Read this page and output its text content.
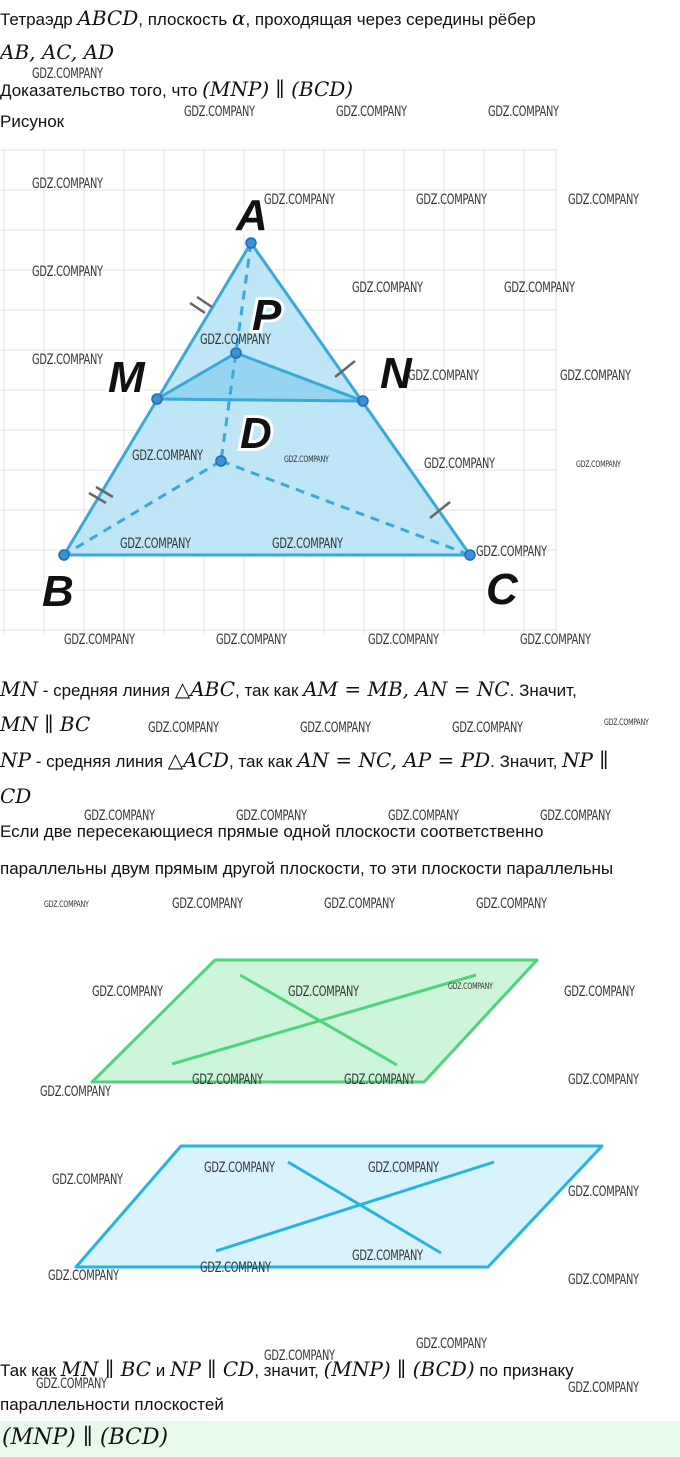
Тетраэдр ABCD, плоскость α, проходящая через середины рёбер
AB, AC, AD
Доказательство того, что (MNP) ∥ (BCD)
Рисунок
A
B	C
D
M	N
P
MN - средняя линия △ABC, так как AM = MB, AN = NC. Значит,
MN ∥ BC
NP - средняя линия △ACD, так как AN = NC, AP = PD. Значит, NP ∥
CD
Если две пересекающиеся прямые одной плоскости соответственно
параллельны двум прямым другой плоскости, то эти плоскости параллельны
Так как MN ∥ BC и NP ∥ CD, значит, (MNP) ∥ (BCD) по признаку
параллельности плоскостей
(MNP) ∥ (BCD)
GDZ.COMPANY
GDZ.COMPANY	GDZ.COMPANY	GDZ.COMPANY
GDZ.COMPANY
GDZ.COMPANY	GDZ.COMPANY	GDZ.COMPANY
GDZ.COMPANY
GDZ.COMPANY	GDZ.COMPANY
GDZ.COMPANY
GDZ.COMPANY
GDZ.COMPANY	GDZ.COMPANY
GDZ.COMPANY	GDZ.COMPANY	GDZ.COMPANY	GDZ.COMPANY
GDZ.COMPANY	GDZ.COMPANY	GDZ.COMPANY
GDZ.COMPANY	GDZ.COMPANY	GDZ.COMPANY	GDZ.COMPANY
GDZ.COMPANY	GDZ.COMPANY	GDZ.COMPANY	GDZ.COMPANY
GDZ.COMPANY	GDZ.COMPANY	GDZ.COMPANY	GDZ.COMPANY
GDZ.COMPANY	GDZ.COMPANY	GDZ.COMPANY	GDZ.COMPANY
GDZ.COMPANY	GDZ.COMPANY	GDZ.COMPANY	GDZ.COMPANY
GDZ.COMPANY	GDZ.COMPANY	GDZ.COMPANY
GDZ.COMPANY
GDZ.COMPANY	GDZ.COMPANY
GDZ.COMPANY
GDZ.COMPANY
GDZ.COMPANY
GDZ.COMPANY
GDZ.COMPANY	GDZ.COMPANY
GDZ.COMPANY
GDZ.COMPANY
GDZ.COMPANY	GDZ.COMPANY
